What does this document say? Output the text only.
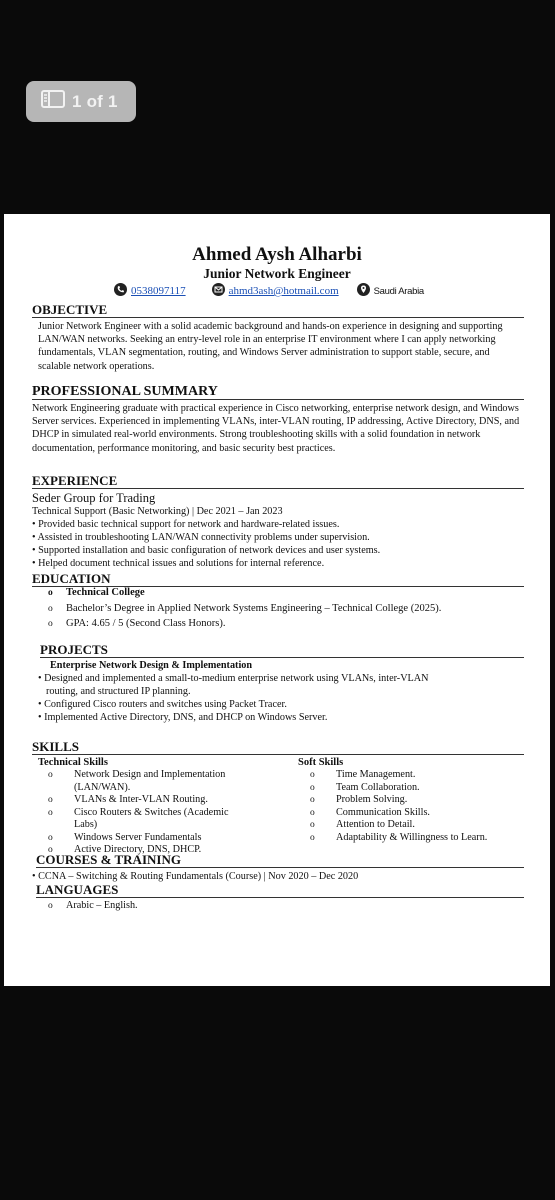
1 of 1
Ahmed Aysh Alharbi
Junior Network Engineer
0538097117	ahmd3ash@hotmail.com	Saudi Arabia
OBJECTIVE
Junior Network Engineer with a solid academic background and hands-on experience in designing and supporting LAN/WAN networks. Seeking an entry-level role in an enterprise IT environment where I can apply networking fundamentals, VLAN segmentation, routing, and Windows Server administration to support stable, secure, and scalable network operations.
PROFESSIONAL SUMMARY
Network Engineering graduate with practical experience in Cisco networking, enterprise network design, and Windows Server services. Experienced in implementing VLANs, inter-VLAN routing, IP addressing, Active Directory, DNS, and DHCP in simulated real-world environments. Strong troubleshooting skills with a solid foundation in network documentation, performance monitoring, and basic security best practices.
EXPERIENCE
Seder Group for Trading
Technical Support (Basic Networking) | Dec 2021 – Jan 2023
• Provided basic technical support for network and hardware-related issues.
• Assisted in troubleshooting LAN/WAN connectivity problems under supervision.
• Supported installation and basic configuration of network devices and user systems.
• Helped document technical issues and solutions for internal reference.
EDUCATION
o Technical College
o Bachelor’s Degree in Applied Network Systems Engineering – Technical College (2025).
o GPA: 4.65 / 5 (Second Class Honors).
PROJECTS
Enterprise Network Design & Implementation
• Designed and implemented a small-to-medium enterprise network using VLANs, inter-VLAN
routing, and structured IP planning.
• Configured Cisco routers and switches using Packet Tracer.
• Implemented Active Directory, DNS, and DHCP on Windows Server.
SKILLS
Technical Skills
o Network Design and Implementation (LAN/WAN).
o VLANs & Inter-VLAN Routing.
o Cisco Routers & Switches (Academic Labs)
o Windows Server Fundamentals
o Active Directory, DNS, DHCP.
Soft Skills
o Time Management.
o Team Collaboration.
o Problem Solving.
o Communication Skills.
o Attention to Detail.
o Adaptability & Willingness to Learn.
COURSES & TRAINING
• CCNA – Switching & Routing Fundamentals (Course) | Nov 2020 – Dec 2020
LANGUAGES
o Arabic – English.
